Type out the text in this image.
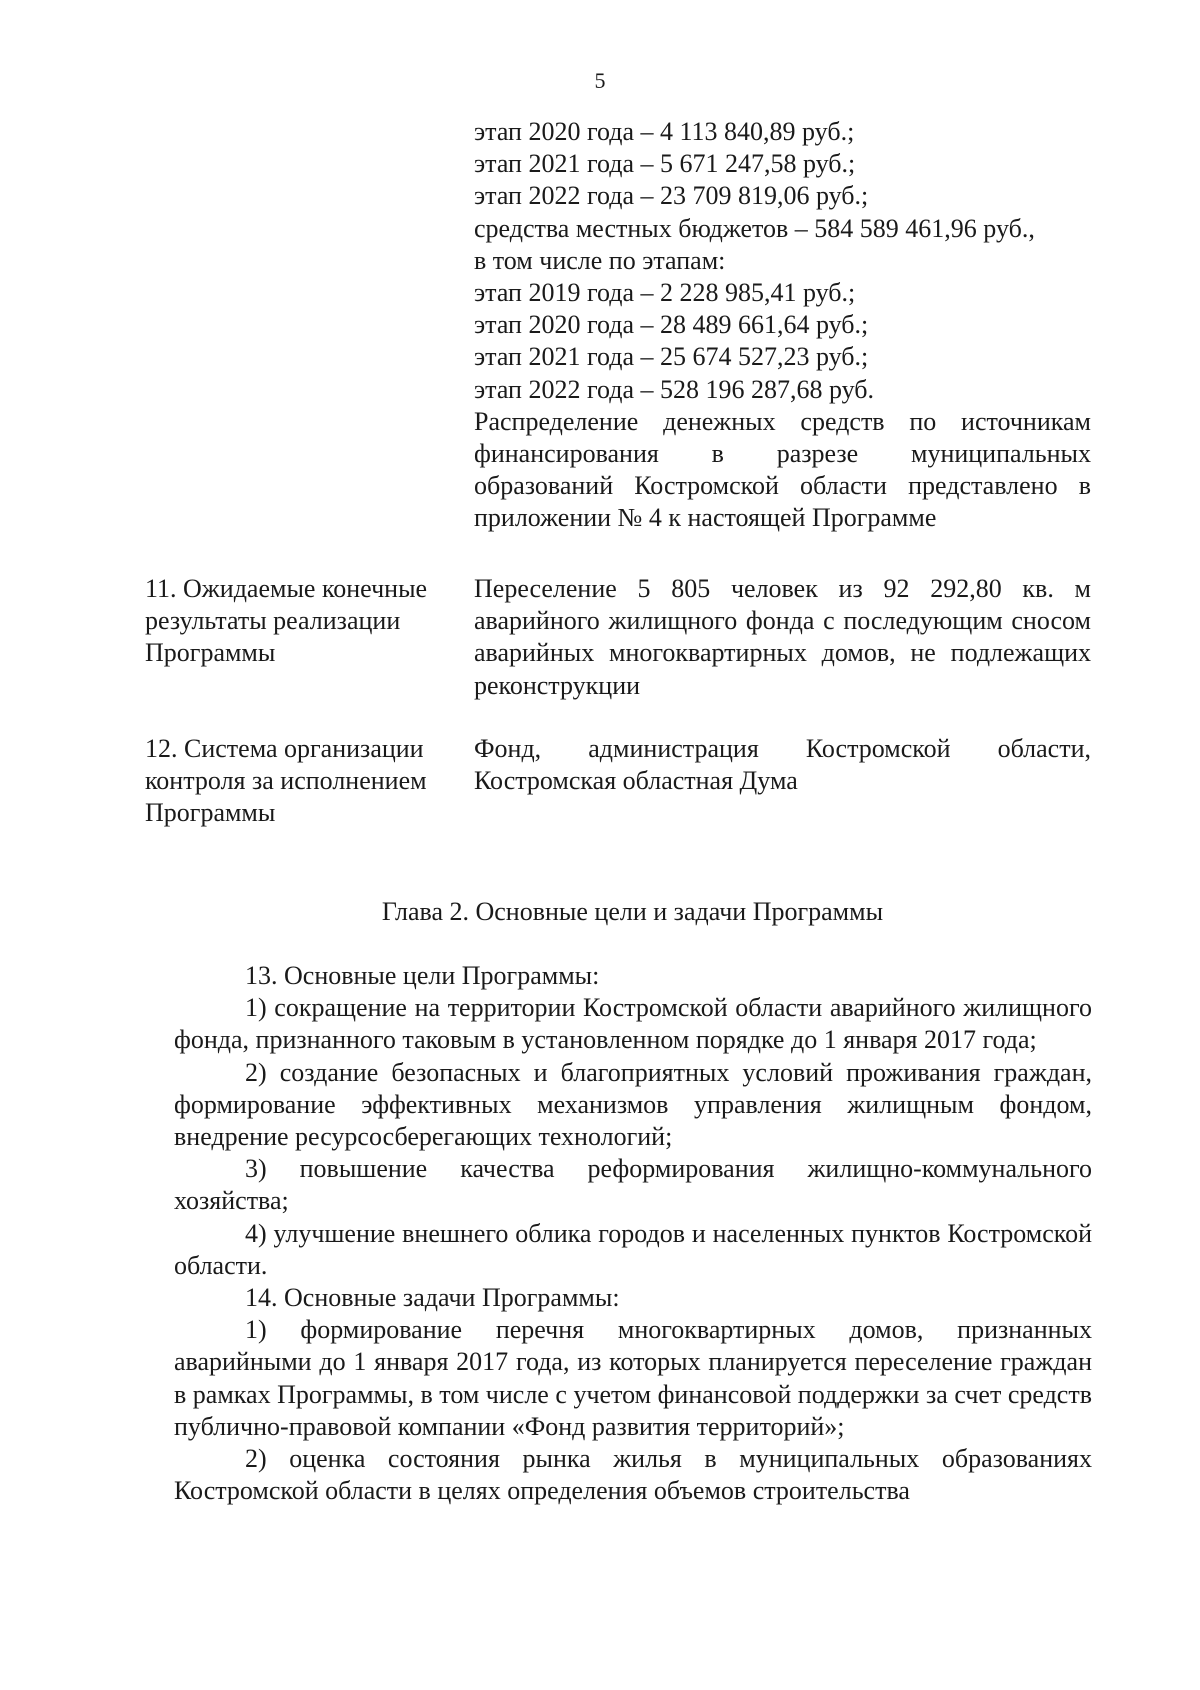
5
этап 2020 года – 4 113 840,89 руб.;
этап 2021 года – 5 671 247,58 руб.;
этап 2022 года – 23 709 819,06 руб.;
средства местных бюджетов – 584 589 461,96 руб.,
в том числе по этапам:
этап 2019 года – 2 228 985,41 руб.;
этап 2020 года – 28 489 661,64 руб.;
этап 2021 года – 25 674 527,23 руб.;
этап 2022 года – 528 196 287,68 руб.

Распределение денежных средств по источникам финансирования в разрезе муниципальных образований Костромской области представлено в приложении № 4 к настоящей Программе

11. Ожидаемые конечные результаты реализации Программы

Переселение 5 805 человек из 92 292,80 кв. м аварийного жилищного фонда с последующим сносом аварийных многоквартирных домов, не подлежащих реконструкции

12. Система организации контроля за исполнением Программы

Фонд, администрация Костромской области, Костромская областная Дума

Глава 2. Основные цели и задачи Программы

13. Основные цели Программы:

1) сокращение на территории Костромской области аварийного жилищного фонда, признанного таковым в установленном порядке до 1 января 2017 года;

2) создание безопасных и благоприятных условий проживания граждан, формирование эффективных механизмов управления жилищным фондом, внедрение ресурсосберегающих технологий;

3) повышение качества реформирования жилищно-коммунального хозяйства;

4) улучшение внешнего облика городов и населенных пунктов Костромской области.

14. Основные задачи Программы:

1) формирование перечня многоквартирных домов, признанных аварийными до 1 января 2017 года, из которых планируется переселение граждан в рамках Программы, в том числе с учетом финансовой поддержки за счет средств публично-правовой компании «Фонд развития территорий»;

2) оценка состояния рынка жилья в муниципальных образованиях Костромской области в целях определения объемов строительства
